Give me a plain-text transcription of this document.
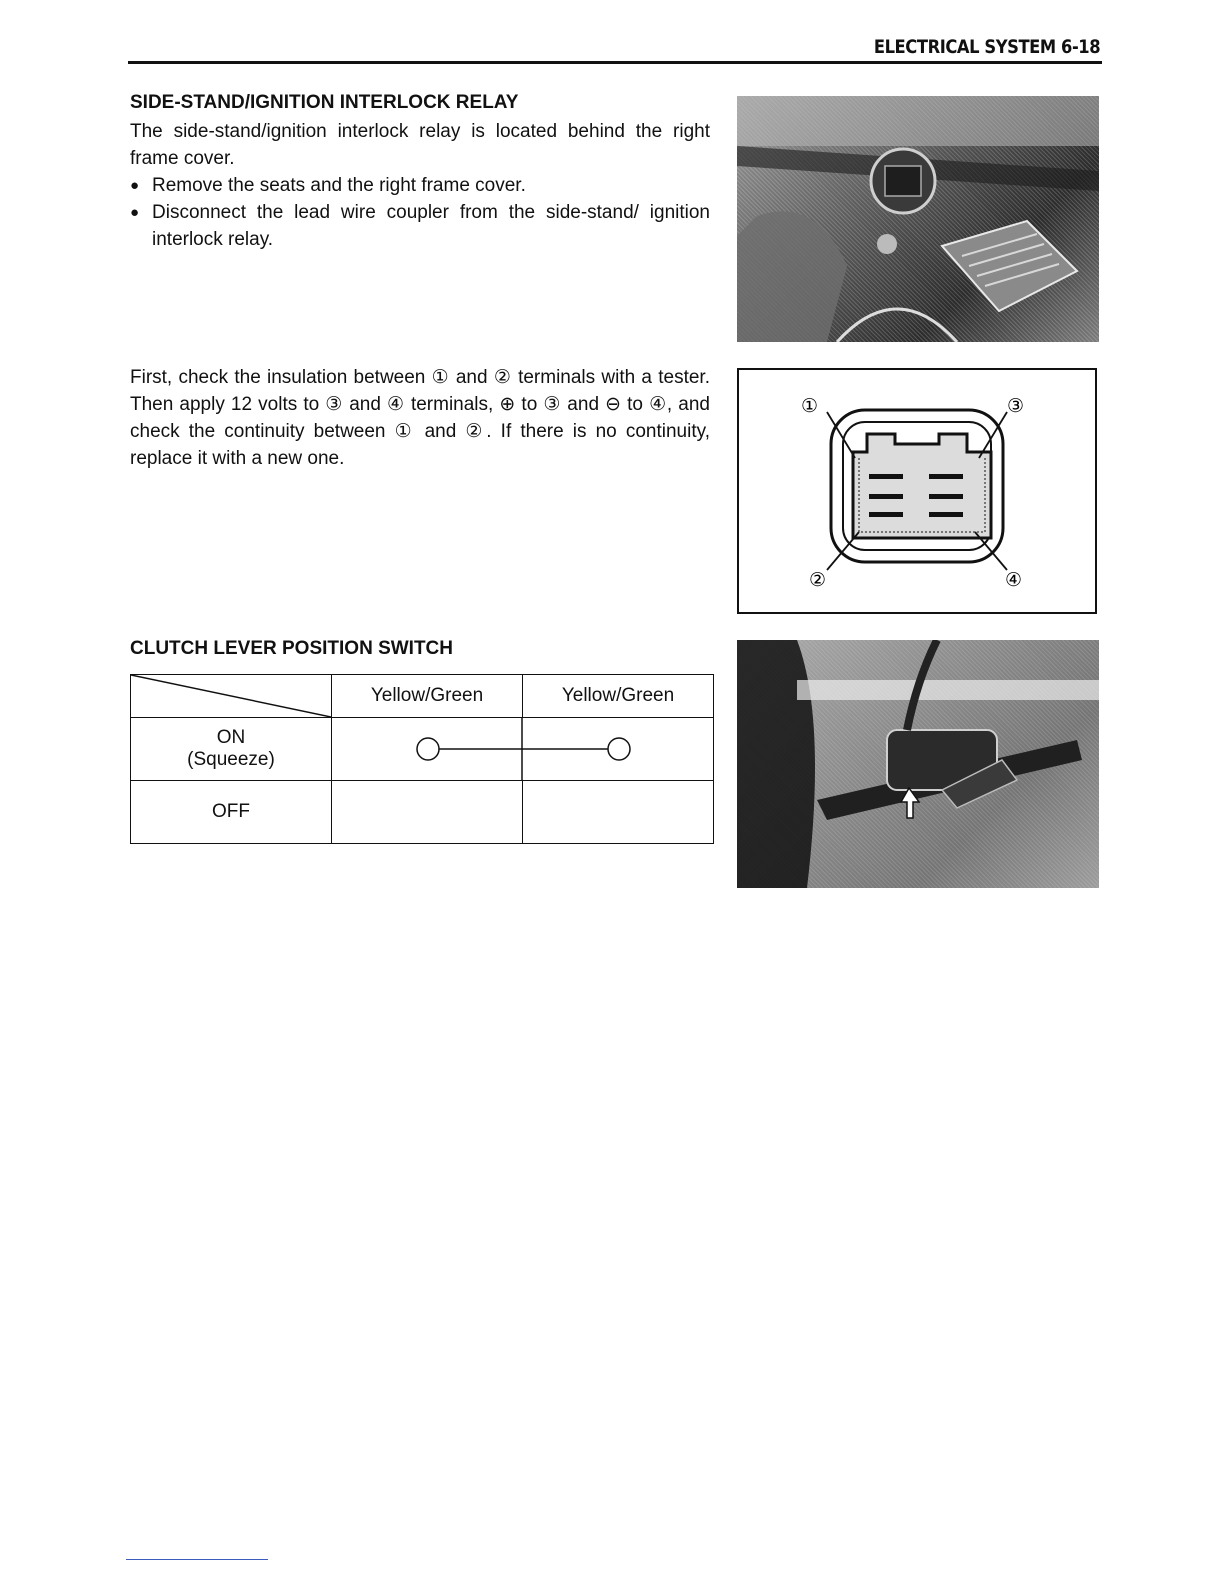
ELECTRICAL SYSTEM 6-18
SIDE-STAND/IGNITION INTERLOCK RELAY

The side-stand/ignition interlock relay is located behind the right frame cover.

● Remove the seats and the right frame cover.

● Disconnect the lead wire coupler from the side-stand/ ignition interlock relay.

First, check the insulation between ① and ② terminals with a tester. Then apply 12 volts to ③ and ④ terminals, ⊕ to ③ and ⊖ to ④, and check the continuity between ① and ②. If there is no continuity, replace it with a new one.

①	③
②	④
CLUTCH LEVER POSITION SWITCH
	Yellow/Green	Yellow/Green

ON
(Squeeze)

OFF		
